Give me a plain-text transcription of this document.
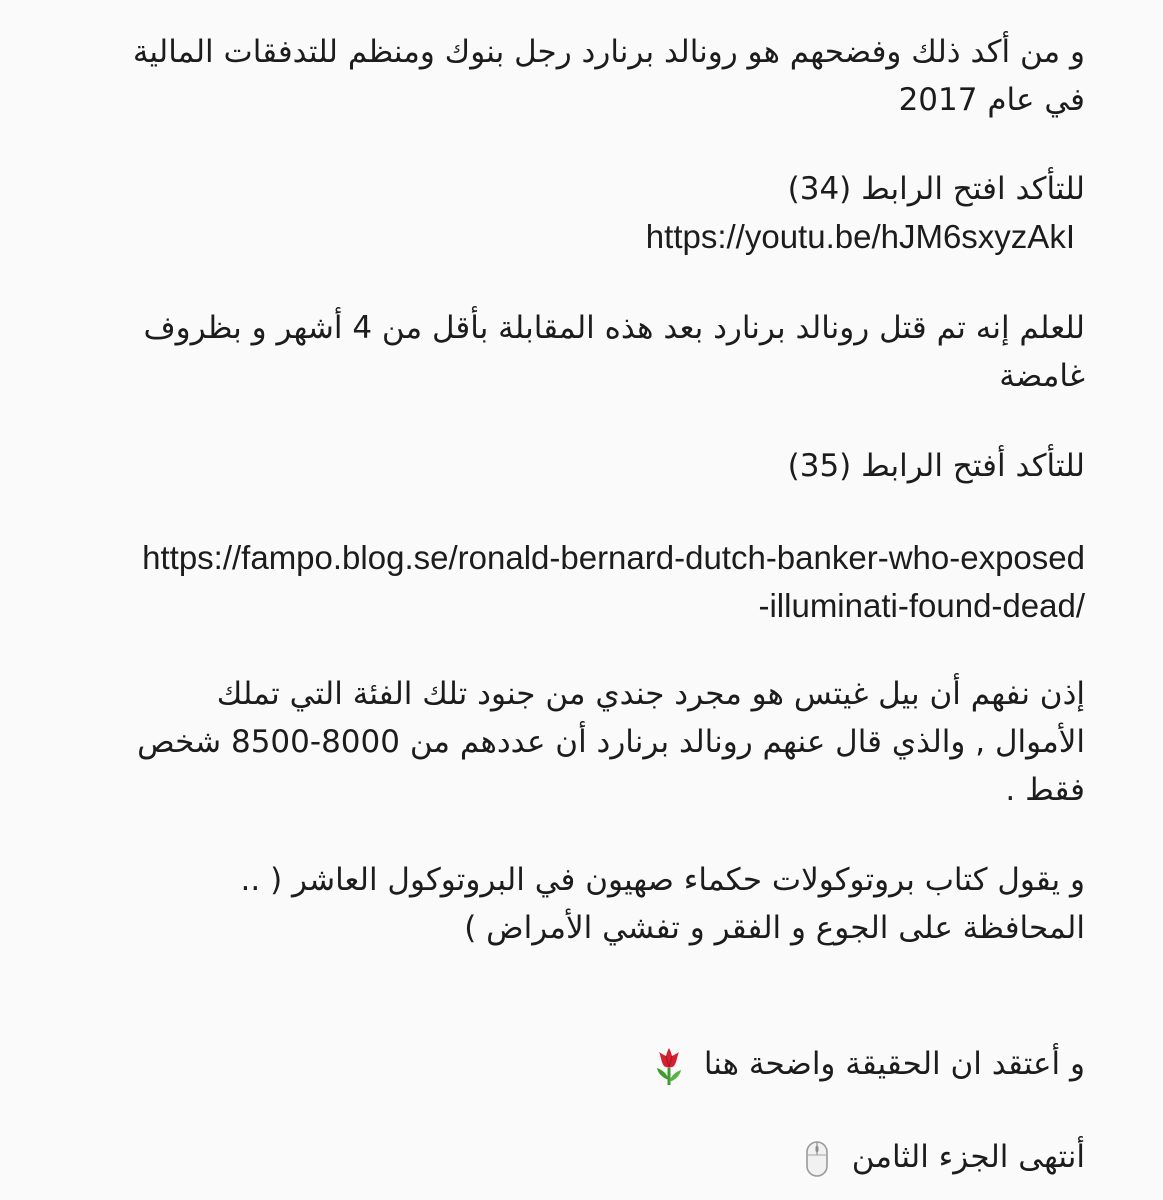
و من أكد ذلك وفضحهم هو رونالد برنارد رجل بنوك ومنظم للتدفقات المالية
في عام 2017

للتأكد افتح الرابط (34)
https://youtu.be/hJM6sxyzAkI

للعلم إنه تم قتل رونالد برنارد بعد هذه المقابلة بأقل من 4 أشهر و بظروف
غامضة

للتأكد أفتح الرابط (35)

https://fampo.blog.se/ronald-bernard-dutch-banker-who-exposed
-illuminati-found-dead/

إذن نفهم أن بيل غيتس هو مجرد جندي من جنود تلك الفئة التي تملك
الأموال , والذي قال عنهم رونالد برنارد أن عددهم من 8000-8500 شخص
فقط .

و يقول كتاب بروتوكولات حكماء صهيون في البروتوكول العاشر ( ..
المحافظة على الجوع و الفقر و تفشي الأمراض )

و أعتقد ان الحقيقة واضحة هنا

أنتهى الجزء الثامن
